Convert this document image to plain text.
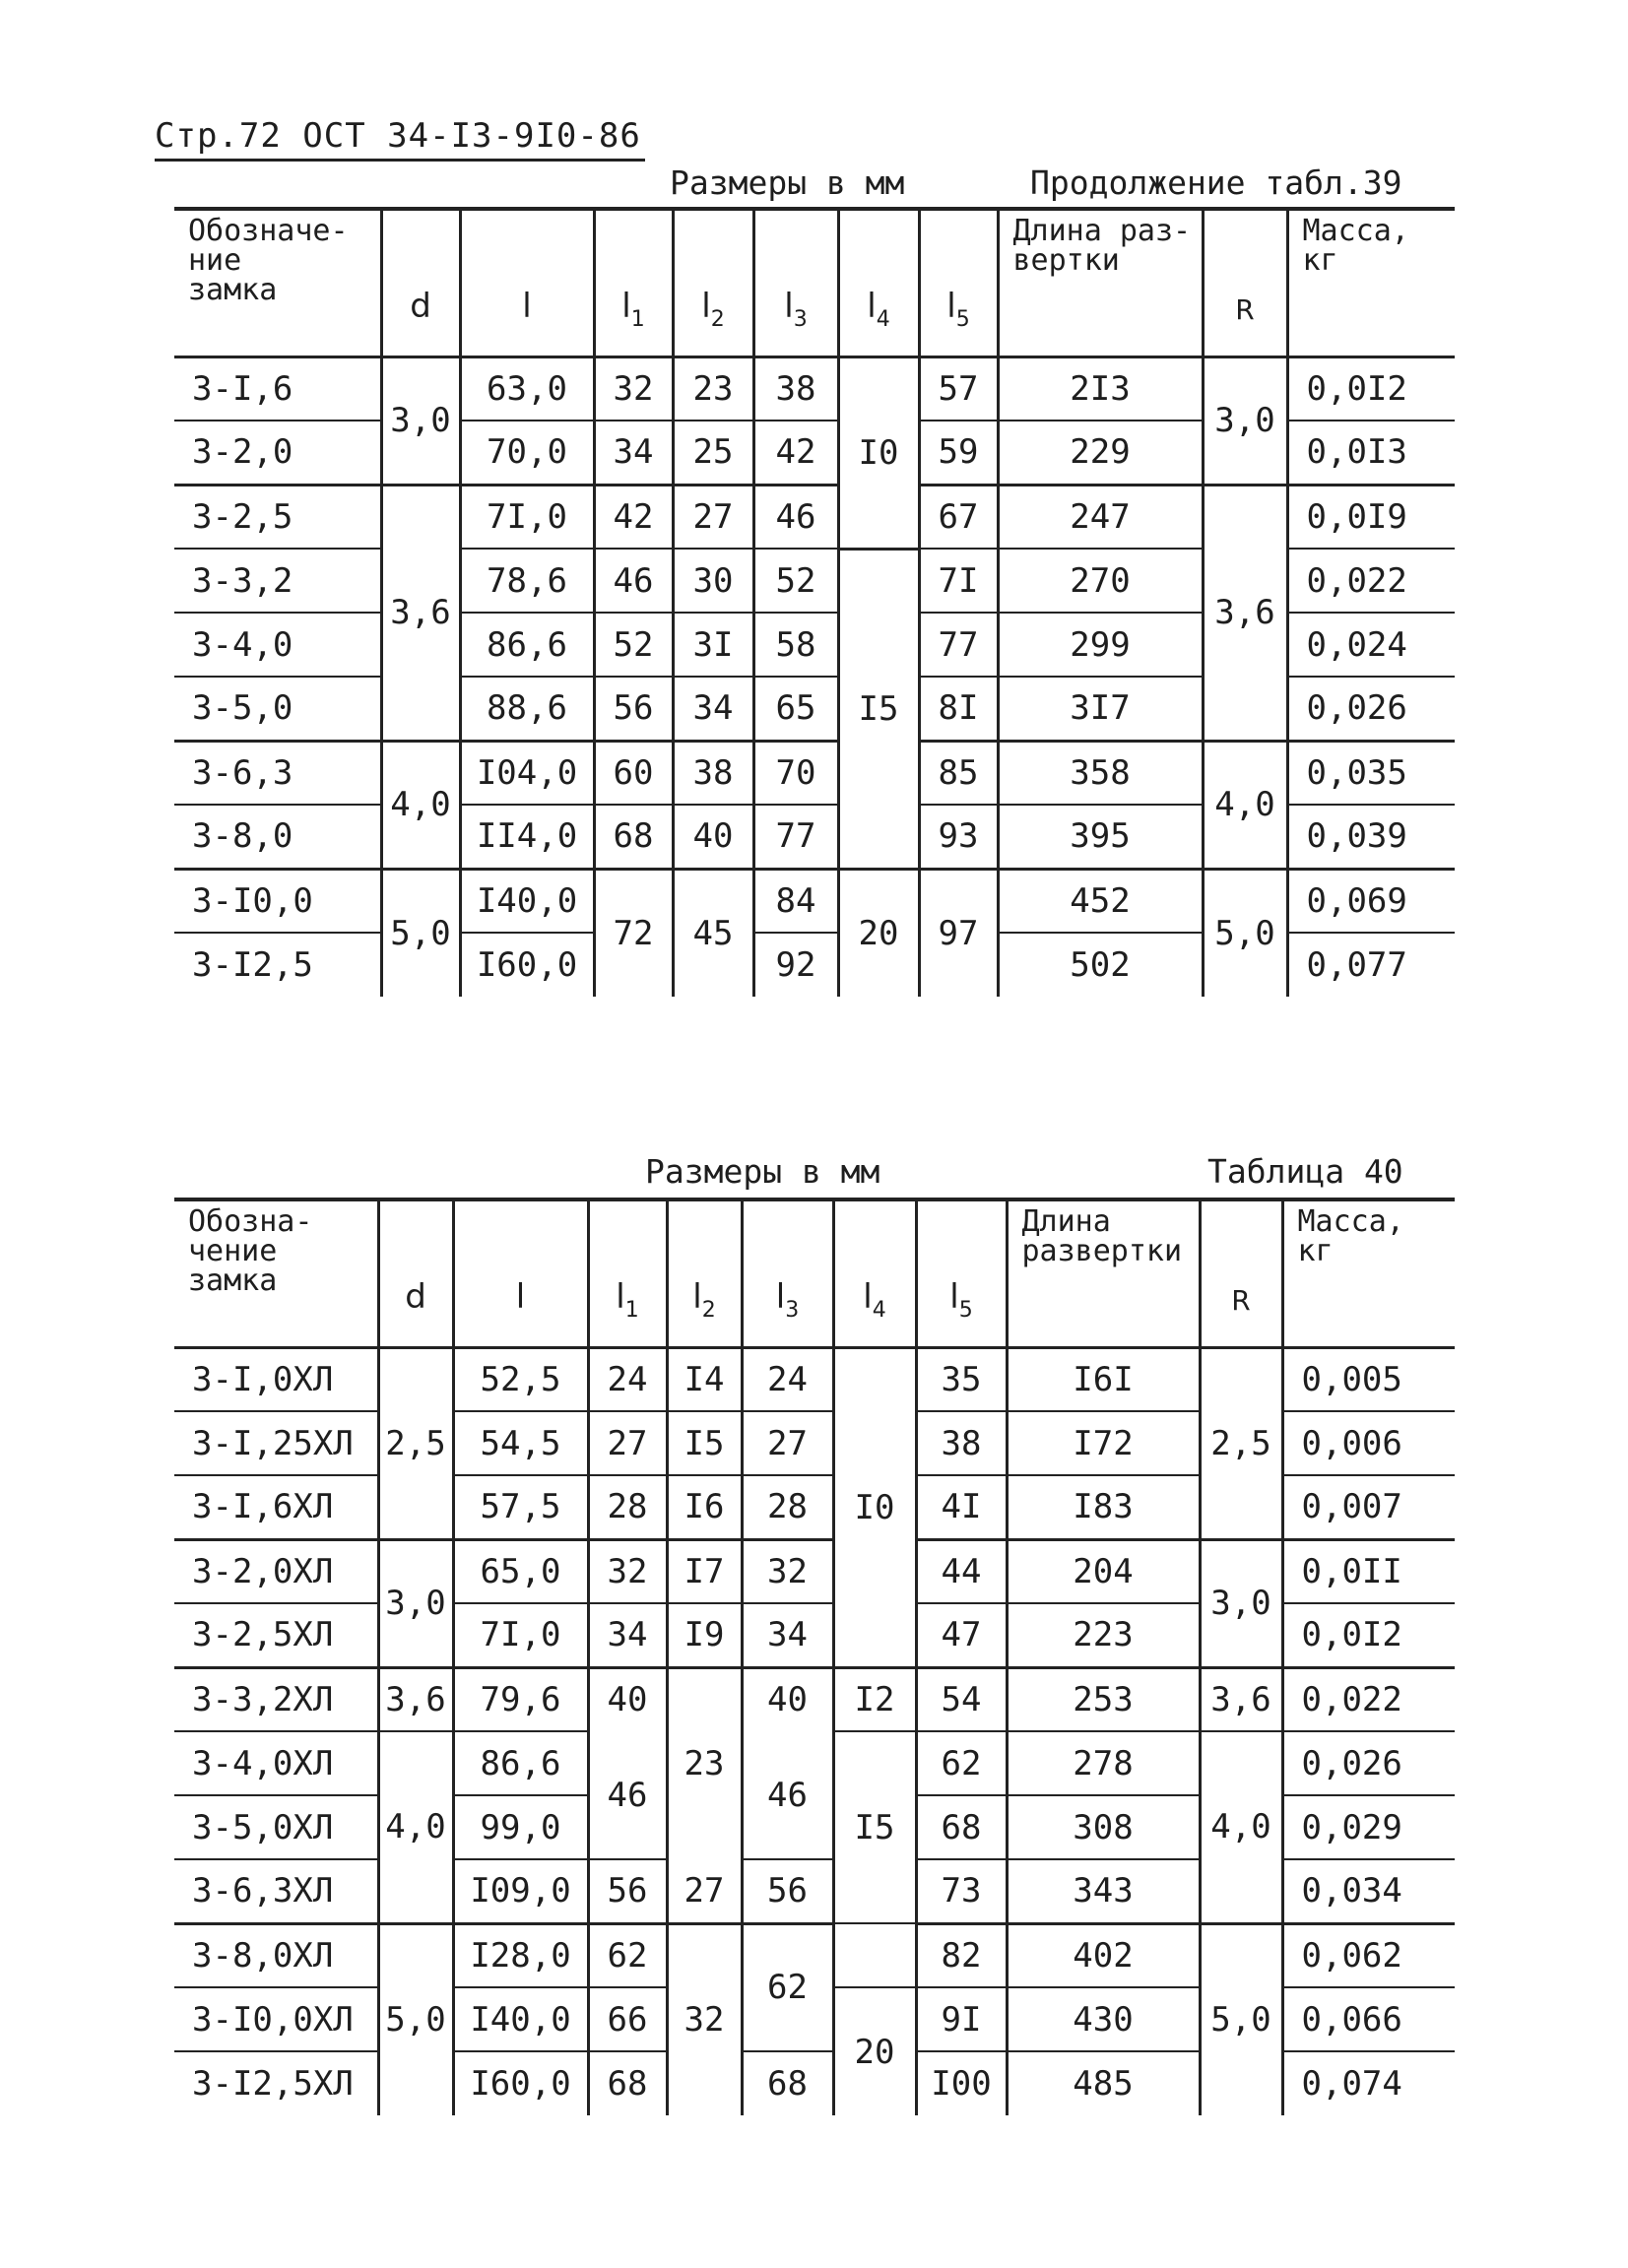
Стр.72 ОСТ 34-I3-9I0-86
Размеры в мм	Продолжение табл.39
Обозначе-
ние
замка	d	l	$l_1$	$l_2$	$l_3$	$l_4$	$l_5$	Длина раз-
вертки	R	Масса,
кг
З-I,6	3,0	63,0	32	23	38	I0	57	2I3	3,0	0,0I2
З-2,0		70,0	34	25	42		59	229		0,0I3
З-2,5	3,6	7I,0	42	27	46		67	247	3,6	0,0I9
З-3,2		78,6	46	30	52	I5	7I	270		0,022
З-4,0		86,6	52	3I	58		77	299		0,024
З-5,0		88,6	56	34	65		8I	3I7		0,026
З-6,3	4,0	I04,0	60	38	70		85	358	4,0	0,035
З-8,0		II4,0	68	40	77		93	395		0,039
З-I0,0	5,0	I40,0	72	45	84	20	97	452	5,0	0,069
З-I2,5		I60,0			92			502		0,077
Размеры в мм	Таблица 40
Обозна-
чение
замка	d	l	$l_1$	$l_2$	$l_3$	$l_4$	$l_5$	Длина
развертки	R	Масса,
кг
З-I,0ХЛ	2,5	52,5	24	I4	24	I0	35	I6I	2,5	0,005
З-I,25ХЛ		54,5	27	I5	27		38	I72		0,006
З-I,6ХЛ		57,5	28	I6	28		4I	I83		0,007
З-2,0ХЛ	3,0	65,0	32	I7	32		44	204	3,0	0,0II
З-2,5ХЛ		7I,0	34	I9	34		47	223		0,0I2
З-3,2ХЛ	3,6	79,6	40	23	40	I2	54	253	3,6	0,022
З-4,0ХЛ	4,0	86,6	46		46	I5	62	278	4,0	0,026
З-5,0ХЛ		99,0					68	308		0,029
З-6,3ХЛ		I09,0	56	27	56		73	343		0,034
З-8,0ХЛ	5,0	I28,0	62	32	62		82	402	5,0	0,062
З-I0,0ХЛ		I40,0	66			20	9I	430		0,066
З-I2,5ХЛ		I60,0	68		68		I00	485		0,074
